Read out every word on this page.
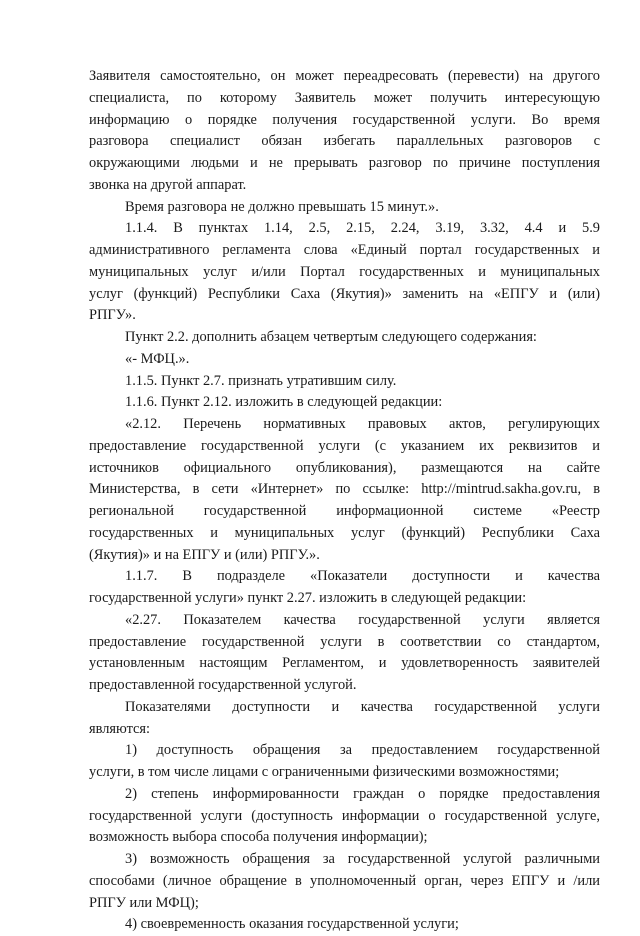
Заявителя самостоятельно, он может переадресовать (перевести) на другого
специалиста, по которому Заявитель может получить интересующую
информацию о порядке получения государственной услуги. Во время
разговора специалист обязан избегать параллельных разговоров с
окружающими людьми и не прерывать разговор по причине поступления
звонка на другой аппарат.
Время разговора не должно превышать 15 минут.».
1.1.4. В пунктах 1.14, 2.5, 2.15, 2.24, 3.19, 3.32, 4.4 и 5.9
административного регламента слова «Единый портал государственных и
муниципальных услуг и/или Портал государственных и муниципальных
услуг (функций) Республики Саха (Якутия)» заменить на «ЕПГУ и (или)
РПГУ».
Пункт 2.2. дополнить абзацем четвертым следующего содержания:
«- МФЦ.».
1.1.5. Пункт 2.7. признать утратившим силу.
1.1.6. Пункт 2.12. изложить в следующей редакции:
«2.12. Перечень нормативных правовых актов, регулирующих
предоставление государственной услуги (с указанием их реквизитов и
источников официального опубликования), размещаются на сайте
Министерства, в сети «Интернет» по ссылке: http://mintrud.sakha.gov.ru, в
региональной государственной информационной системе «Реестр
государственных и муниципальных услуг (функций) Республики Саха
(Якутия)» и на ЕПГУ и (или) РПГУ.».
1.1.7. В подразделе «Показатели доступности и качества
государственной услуги» пункт 2.27. изложить в следующей редакции:
«2.27. Показателем качества государственной услуги является
предоставление государственной услуги в соответствии со стандартом,
установленным настоящим Регламентом, и удовлетворенность заявителей
предоставленной государственной услугой.
Показателями доступности и качества государственной услуги
являются:
1) доступность обращения за предоставлением государственной
услуги, в том числе лицами с ограниченными физическими возможностями;
2) степень информированности граждан о порядке предоставления
государственной услуги (доступность информации о государственной услуге,
возможность выбора способа получения информации);
3) возможность обращения за государственной услугой различными
способами (личное обращение в уполномоченный орган, через ЕПГУ и /или
РПГУ или МФЦ);
4) своевременность оказания государственной услуги;
